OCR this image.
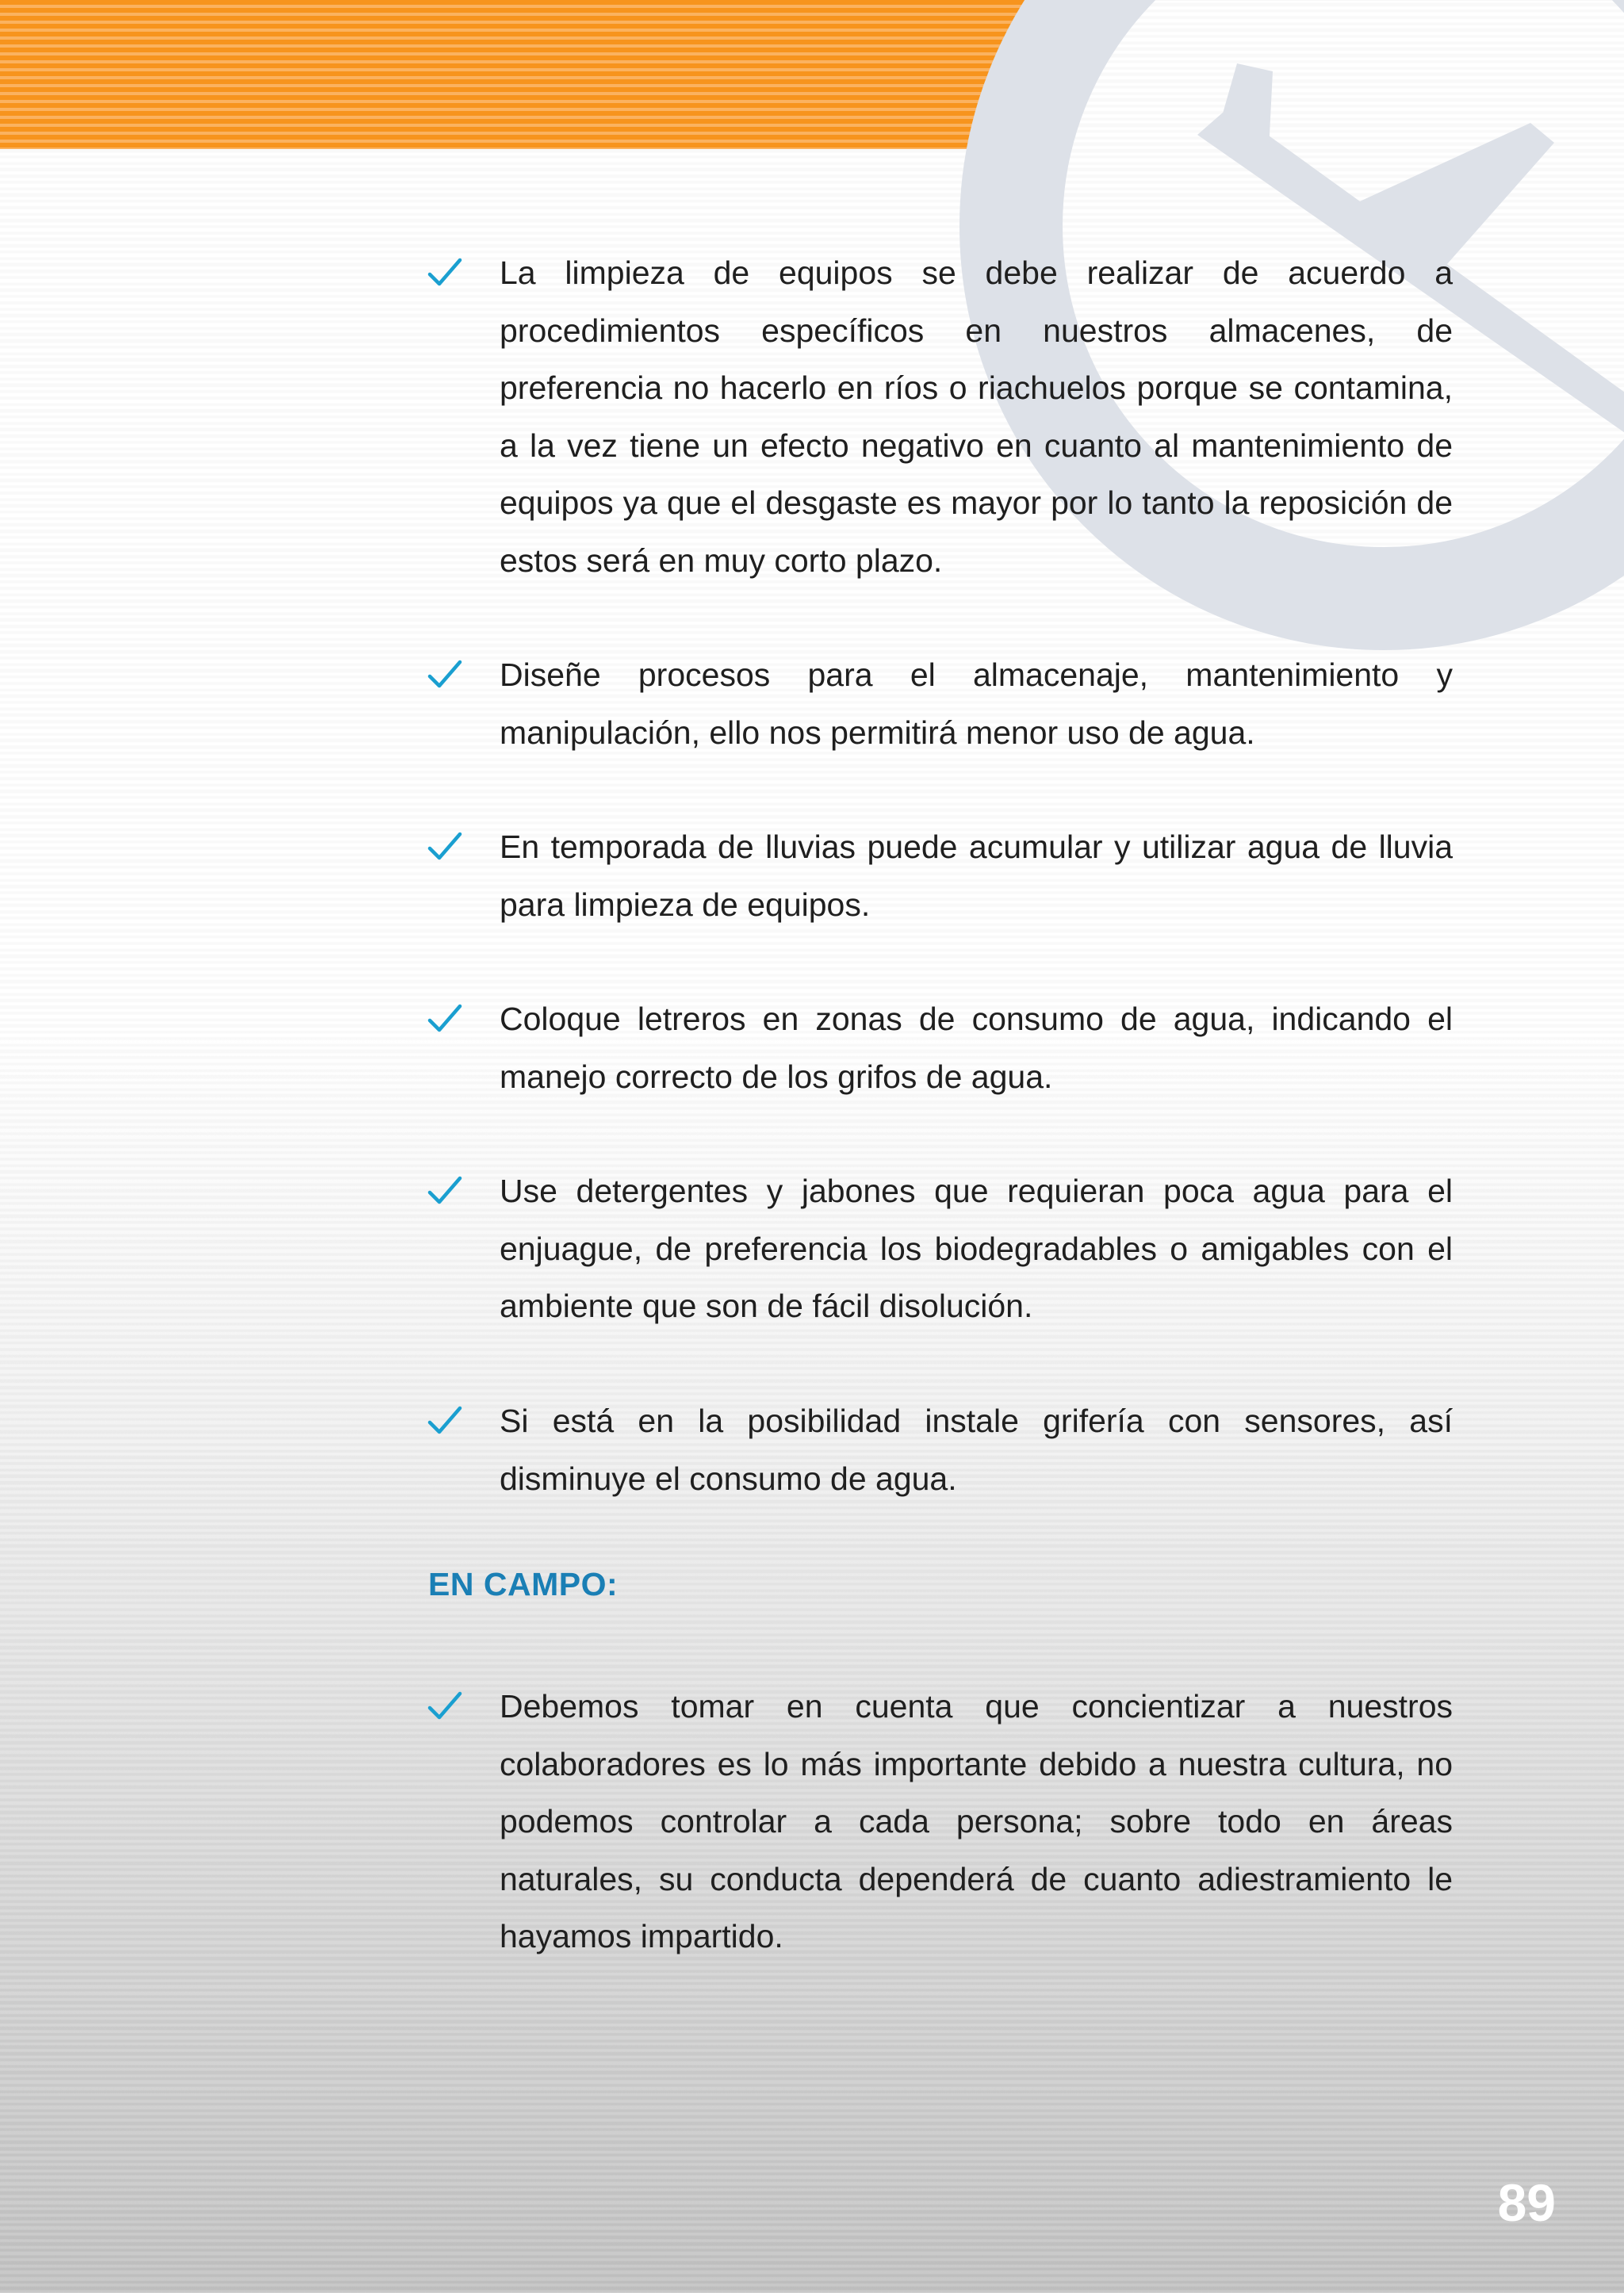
La limpieza de equipos se debe realizar de acuerdo a procedimientos específicos en nuestros almacenes, de preferencia no hacerlo en ríos o riachuelos porque se contamina, a la vez tiene un efecto negativo en cuanto al mantenimiento de equipos ya que el desgaste es mayor por lo tanto la reposición de estos será en muy corto plazo.
Diseñe procesos para el almacenaje, mantenimiento y manipulación, ello nos permitirá menor uso de agua.
En temporada de lluvias puede acumular y utilizar agua de lluvia para limpieza de equipos.
Coloque letreros en zonas de consumo de agua, indicando el manejo correcto de los grifos de agua.
Use detergentes y jabones que requieran poca agua para el enjuague, de preferencia los biodegradables o amigables con el ambiente que son de fácil disolución.
Si está en la posibilidad instale grifería con sensores, así disminuye el consumo de agua.
EN CAMPO:
Debemos tomar en cuenta que concientizar a nuestros colaboradores es lo más importante debido a nuestra cultura, no podemos controlar a cada persona; sobre todo en áreas naturales, su conducta dependerá de cuanto adiestramiento le hayamos impartido.
89
